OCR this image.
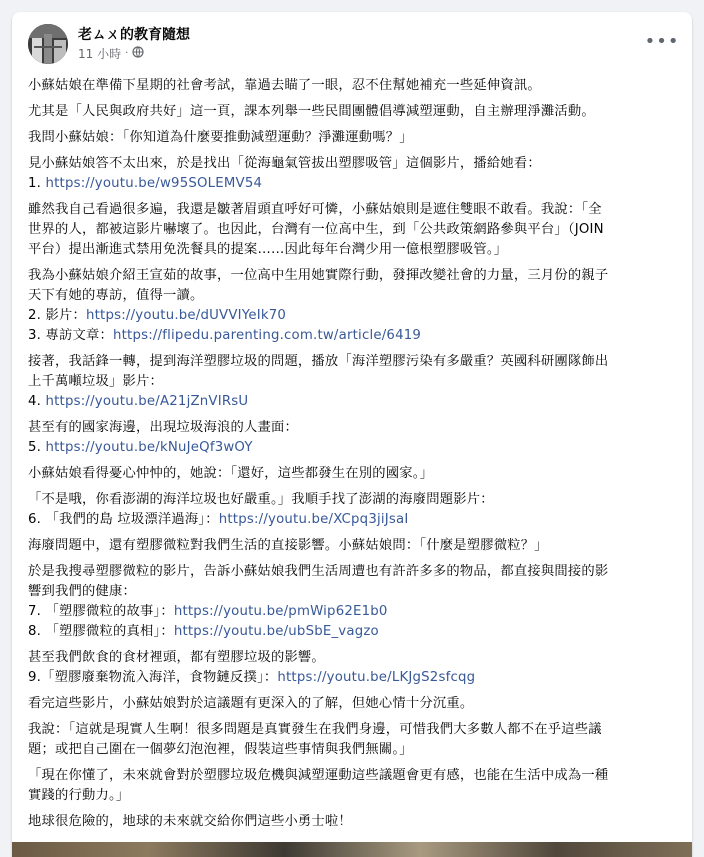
老ㄙㄨ的教育隨想
11 小時 ·
•••
小蘇姑娘在準備下星期的社會考試，靠過去瞄了一眼，忍不住幫她補充一些延伸資訊。
尤其是「人民與政府共好」這一頁，課本列舉一些民間團體倡導減塑運動，自主辦理淨灘活動。
我問小蘇姑娘：「你知道為什麼要推動減塑運動？淨灘運動嗎？」
見小蘇姑娘答不太出來，於是找出「從海龜氣管拔出塑膠吸管」這個影片，播給她看：
1. https://youtu.be/w95SOLEMV54
雖然我自己看過很多遍，我還是皺著眉頭直呼好可憐，小蘇姑娘則是遮住雙眼不敢看。我說：「全
世界的人，都被這影片嚇壞了。也因此，台灣有一位高中生，到「公共政策網路參與平台」（JOIN
平台）提出漸進式禁用免洗餐具的提案……因此每年台灣少用一億根塑膠吸管。」
我為小蘇姑娘介紹王宣茹的故事，一位高中生用她實際行動，發揮改變社會的力量，三月份的親子
天下有她的專訪，值得一讀。
2. 影片：https://youtu.be/dUVVIYeIk70
3. 專訪文章：https://flipedu.parenting.com.tw/article/6419
接著，我話鋒一轉，提到海洋塑膠垃圾的問題，播放「海洋塑膠污染有多嚴重？英國科研團隊飾出
上千萬噸垃圾」影片：
4. https://youtu.be/A21jZnVIRsU
甚至有的國家海邊，出現垃圾海浪的人畫面：
5. https://youtu.be/kNuJeQf3wOY
小蘇姑娘看得憂心忡忡的，她說：「還好，這些都發生在別的國家。」
「不是哦，你看澎湖的海洋垃圾也好嚴重。」我順手找了澎湖的海廢問題影片：
6. 「我們的島 垃圾漂洋過海」：https://youtu.be/XCpq3jiJsaI
海廢問題中，還有塑膠微粒對我們生活的直接影響。小蘇姑娘問：「什麼是塑膠微粒？」
於是我搜尋塑膠微粒的影片，告訴小蘇姑娘我們生活周遭也有許許多多的物品，都直接與間接的影
響到我們的健康：
7. 「塑膠微粒的故事」：https://youtu.be/pmWip62E1b0
8. 「塑膠微粒的真相」：https://youtu.be/ubSbE_vagzo
甚至我們飲食的食材裡頭，都有塑膠垃圾的影響。
9.「塑膠廢棄物流入海洋，食物鏈反撲」：https://youtu.be/LKJgS2sfcqg
看完這些影片，小蘇姑娘對於這議題有更深入的了解，但她心情十分沉重。
我說：「這就是現實人生啊！很多問題是真實發生在我們身邊，可惜我們大多數人都不在乎這些議
題；或把自己圍在一個夢幻泡泡裡，假裝這些事情與我們無關。」
「現在你懂了，未來就會對於塑膠垃圾危機與減塑運動這些議題會更有感，也能在生活中成為一種
實踐的行動力。」
地球很危險的，地球的未來就交給你們這些小勇士啦！
